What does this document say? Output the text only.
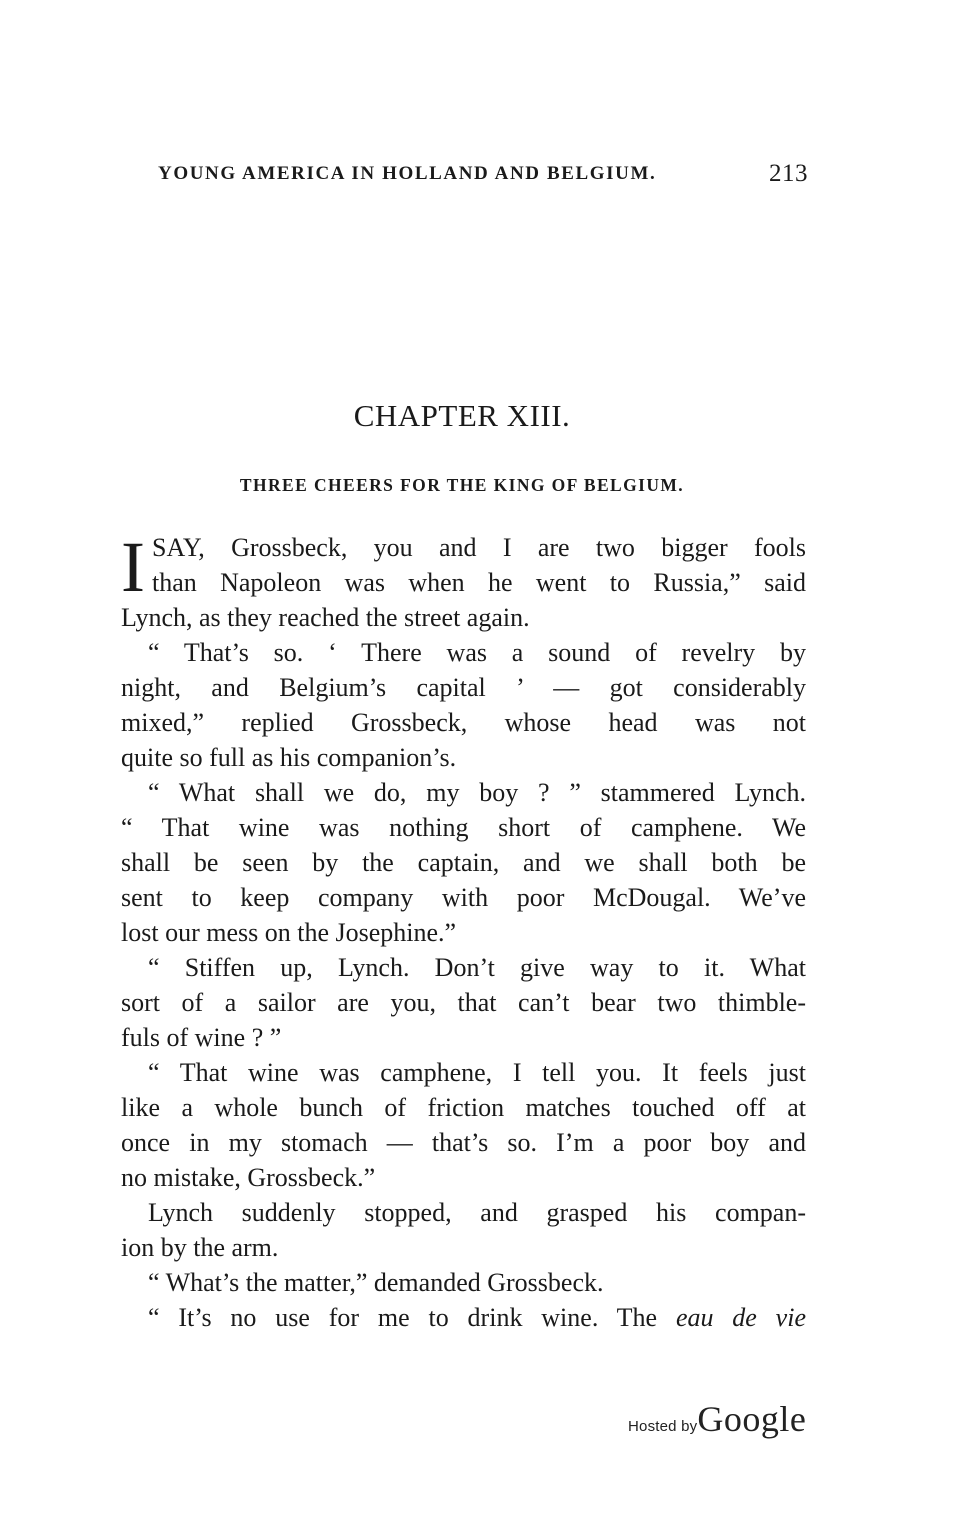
YOUNG AMERICA IN HOLLAND AND BELGIUM.	213
CHAPTER XIII.
THREE CHEERS FOR THE KING OF BELGIUM.
I SAY, Grossbeck, you and I are two bigger fools
than Napoleon was when he went to Russia,” said
Lynch, as they reached the street again.
“ That’s so. ‘ There was a sound of revelry by
night, and Belgium’s capital ’ — got considerably
mixed,” replied Grossbeck, whose head was not
quite so full as his companion’s.
“ What shall we do, my boy ? ” stammered Lynch.
“ That wine was nothing short of camphene. We
shall be seen by the captain, and we shall both be
sent to keep company with poor McDougal. We’ve
lost our mess on the Josephine.”
“ Stiffen up, Lynch. Don’t give way to it. What
sort of a sailor are you, that can’t bear two thimble-
fuls of wine ? ”
“ That wine was camphene, I tell you. It feels just
like a whole bunch of friction matches touched off at
once in my stomach — that’s so. I’m a poor boy and
no mistake, Grossbeck.”
Lynch suddenly stopped, and grasped his compan-
ion by the arm.
“ What’s the matter,” demanded Grossbeck.
“ It’s no use for me to drink wine. The eau de vie
Hosted byGoogle
